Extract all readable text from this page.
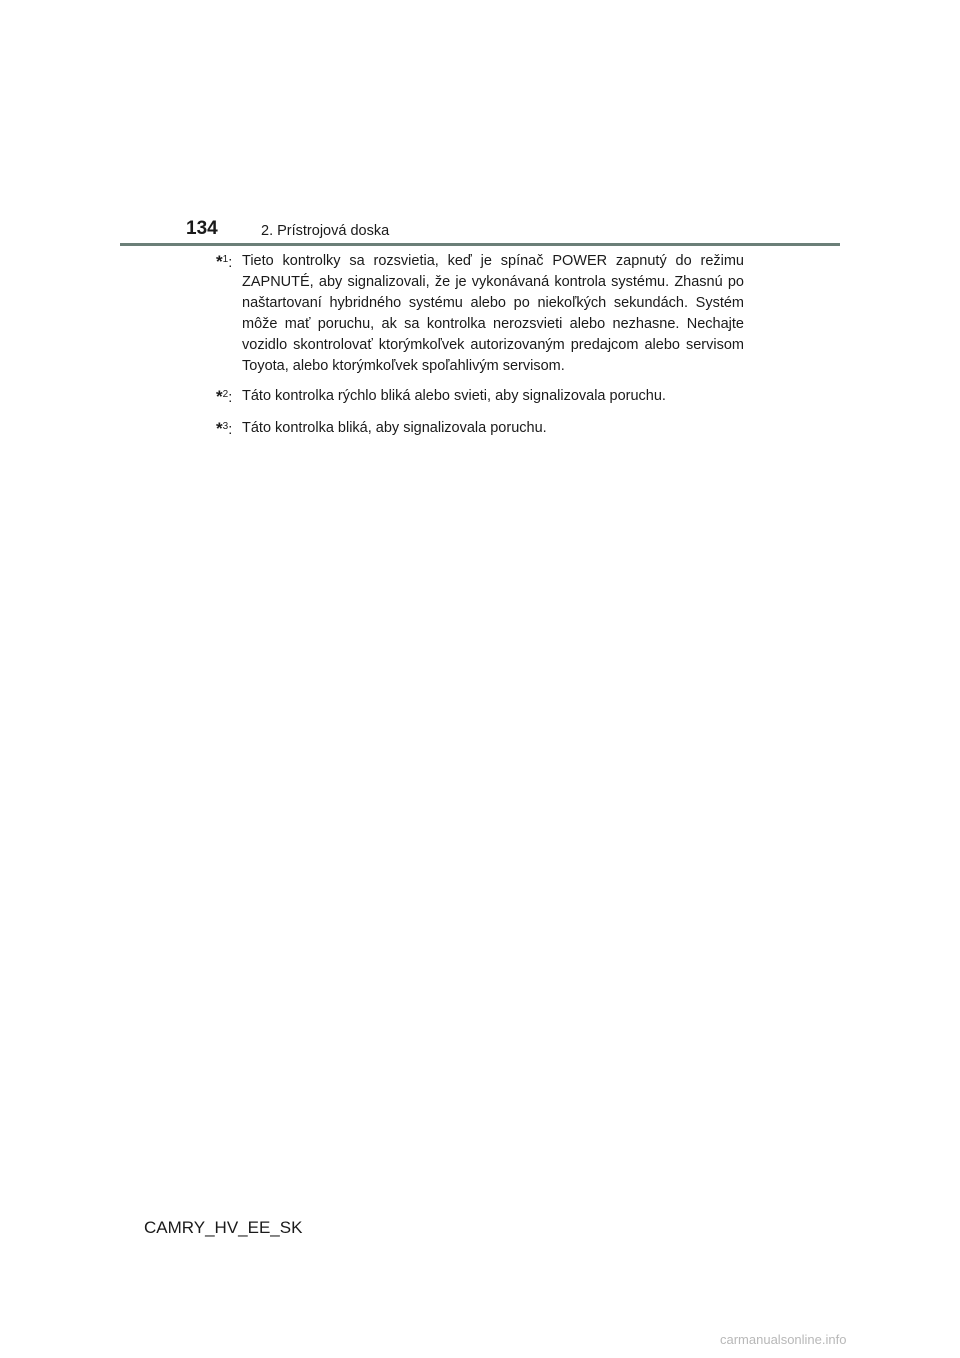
134	2. Prístrojová doska
*$^1$: Tieto kontrolky sa rozsvietia, keď je spínač POWER zapnutý do režimu ZAPNUTÉ, aby signalizovali, že je vykonávaná kontrola systému. Zhasnú po naštartovaní hybridného systému alebo po niekoľkých sekundách. Systém môže mať poruchu, ak sa kontrolka nerozsvieti alebo nezhasne. Nechajte vozidlo skontrolovať ktorýmkoľvek autorizovaným predajcom alebo servisom Toyota, alebo ktorýmkoľvek spoľahlivým servisom.
*$^2$: Táto kontrolka rýchlo bliká alebo svieti, aby signalizovala poruchu.
*$^3$: Táto kontrolka bliká, aby signalizovala poruchu.
CAMRY_HV_EE_SK
carmanualsonline.info
